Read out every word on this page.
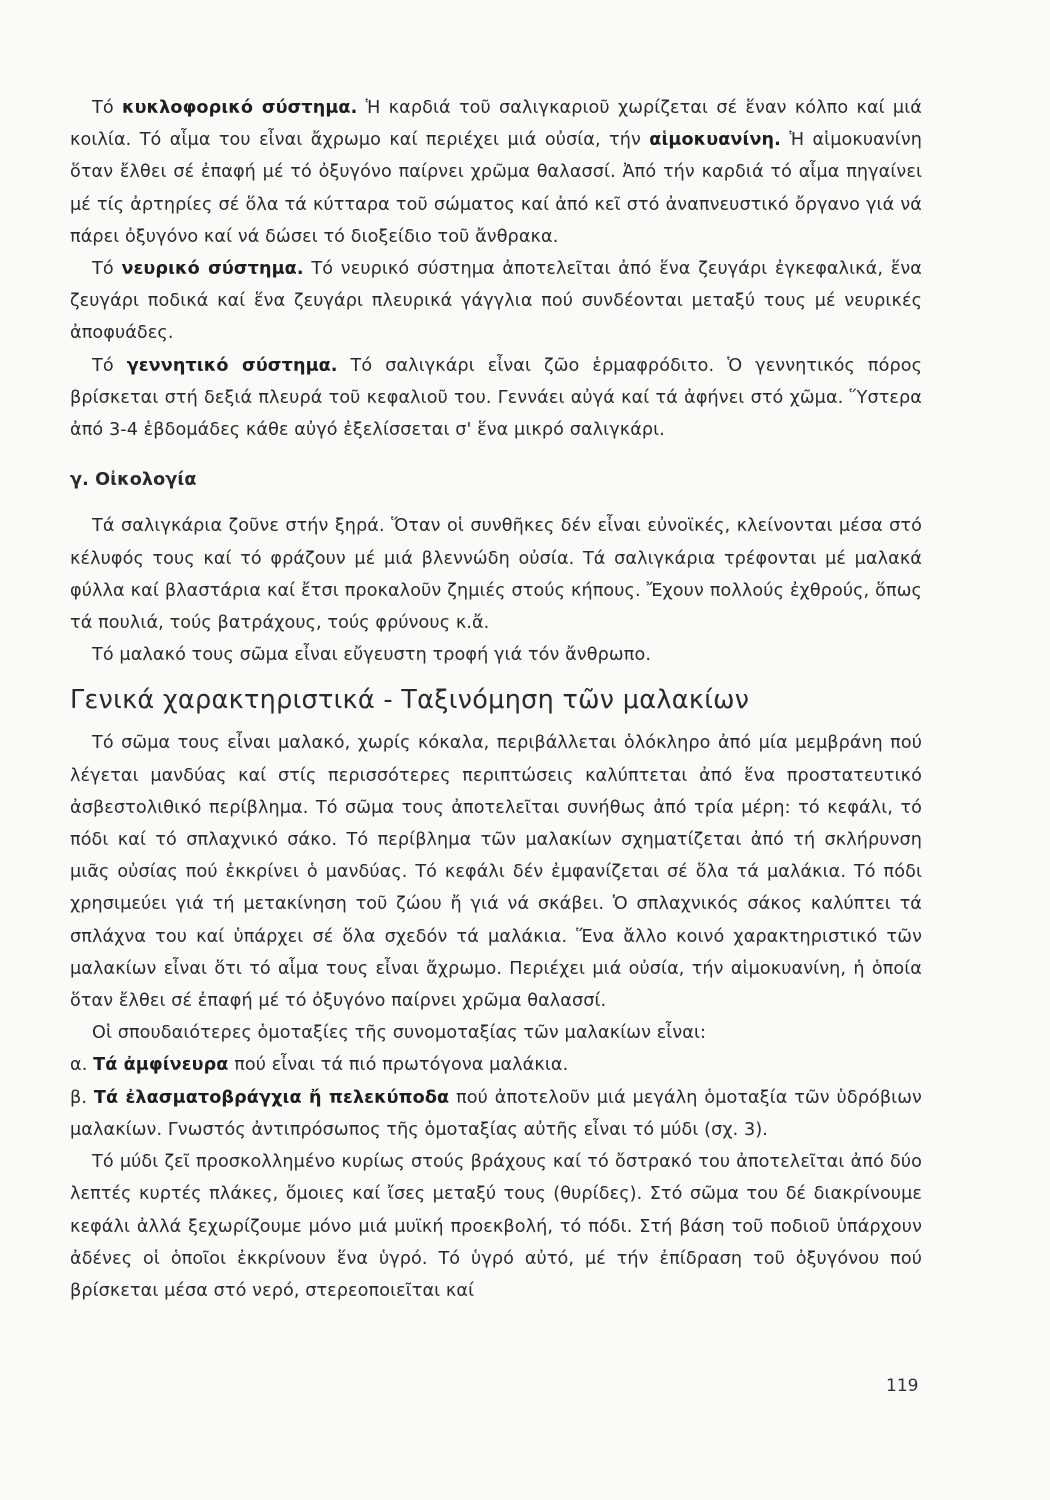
Τό κυκλοφορικό σύστημα. Ἡ καρδιά τοῦ σαλιγκαριοῦ χωρίζεται σέ ἕναν κόλπο καί μιά κοιλία. Τό αἷμα του εἶναι ἄχρωμο καί περιέχει μιά οὐσία, τήν αἱμοκυανίνη. Ἡ αἱμοκυανίνη ὅταν ἔλθει σέ ἐπαφή μέ τό ὀξυγόνο παίρνει χρῶμα θαλασσί. Ἀπό τήν καρδιά τό αἷμα πηγαίνει μέ τίς ἀρτηρίες σέ ὅλα τά κύτταρα τοῦ σώματος καί ἀπό κεῖ στό ἀναπνευστικό ὄργανο γιά νά πάρει ὀξυγόνο καί νά δώσει τό διοξείδιο τοῦ ἄνθρακα.

Τό νευρικό σύστημα. Τό νευρικό σύστημα ἀποτελεῖται ἀπό ἕνα ζευγάρι ἐγκεφαλικά, ἕνα ζευγάρι ποδικά καί ἕνα ζευγάρι πλευρικά γάγγλια πού συνδέονται μεταξύ τους μέ νευρικές ἀποφυάδες.

Τό γεννητικό σύστημα. Τό σαλιγκάρι εἶναι ζῶο ἑρμαφρόδιτο. Ὁ γεννητικός πόρος βρίσκεται στή δεξιά πλευρά τοῦ κεφαλιοῦ του. Γεννάει αὐγά καί τά ἀφήνει στό χῶμα. Ὕστερα ἀπό 3-4 ἑβδομάδες κάθε αὐγό ἐξελίσσεται σ' ἕνα μικρό σαλιγκάρι.

γ. Οἰκολογία

Τά σαλιγκάρια ζοῦνε στήν ξηρά. Ὅταν οἱ συνθῆκες δέν εἶναι εὐνοϊκές, κλείνονται μέσα στό κέλυφός τους καί τό φράζουν μέ μιά βλεννώδη οὐσία. Τά σαλιγκάρια τρέφονται μέ μαλακά φύλλα καί βλαστάρια καί ἔτσι προκαλοῦν ζημιές στούς κήπους. Ἔχουν πολλούς ἐχθρούς, ὅπως τά πουλιά, τούς βατράχους, τούς φρύνους κ.ἄ.

Τό μαλακό τους σῶμα εἶναι εὔγευστη τροφή γιά τόν ἄνθρωπο.

Γενικά χαρακτηριστικά - Ταξινόμηση τῶν μαλακίων

Τό σῶμα τους εἶναι μαλακό, χωρίς κόκαλα, περιβάλλεται ὁλόκληρο ἀπό μία μεμβράνη πού λέγεται μανδύας καί στίς περισσότερες περιπτώσεις καλύπτεται ἀπό ἕνα προστατευτικό ἀσβεστολιθικό περίβλημα. Τό σῶμα τους ἀποτελεῖται συνήθως ἀπό τρία μέρη: τό κεφάλι, τό πόδι καί τό σπλαχνικό σάκο. Τό περίβλημα τῶν μαλακίων σχηματίζεται ἀπό τή σκλήρυνση μιᾶς οὐσίας πού ἐκκρίνει ὁ μανδύας. Τό κεφάλι δέν ἐμφανίζεται σέ ὅλα τά μαλάκια. Τό πόδι χρησιμεύει γιά τή μετακίνηση τοῦ ζώου ἤ γιά νά σκάβει. Ὁ σπλαχνικός σάκος καλύπτει τά σπλάχνα του καί ὑπάρχει σέ ὅλα σχεδόν τά μαλάκια. Ἕνα ἄλλο κοινό χαρακτηριστικό τῶν μαλακίων εἶναι ὅτι τό αἷμα τους εἶναι ἄχρωμο. Περιέχει μιά οὐσία, τήν αἱμοκυανίνη, ἡ ὁποία ὅταν ἔλθει σέ ἐπαφή μέ τό ὀξυγόνο παίρνει χρῶμα θαλασσί.

Οἱ σπουδαιότερες ὁμοταξίες τῆς συνομοταξίας τῶν μαλακίων εἶναι:

α. Τά ἀμφίνευρα πού εἶναι τά πιό πρωτόγονα μαλάκια.

β. Τά ἐλασματοβράγχια ἤ πελεκύποδα πού ἀποτελοῦν μιά μεγάλη ὁμοταξία τῶν ὑδρόβιων μαλακίων. Γνωστός ἀντιπρόσωπος τῆς ὁμοταξίας αὐτῆς εἶναι τό μύδι (σχ. 3).

Τό μύδι ζεῖ προσκολλημένο κυρίως στούς βράχους καί τό ὄστρακό του ἀποτελεῖται ἀπό δύο λεπτές κυρτές πλάκες, ὅμοιες καί ἴσες μεταξύ τους (θυρίδες). Στό σῶμα του δέ διακρίνουμε κεφάλι ἀλλά ξεχωρίζουμε μόνο μιά μυϊκή προεκβολή, τό πόδι. Στή βάση τοῦ ποδιοῦ ὑπάρχουν ἀδένες οἱ ὁποῖοι ἐκκρίνουν ἕνα ὑγρό. Τό ὑγρό αὐτό, μέ τήν ἐπίδραση τοῦ ὀξυγόνου πού βρίσκεται μέσα στό νερό, στερεοποιεῖται καί

119
